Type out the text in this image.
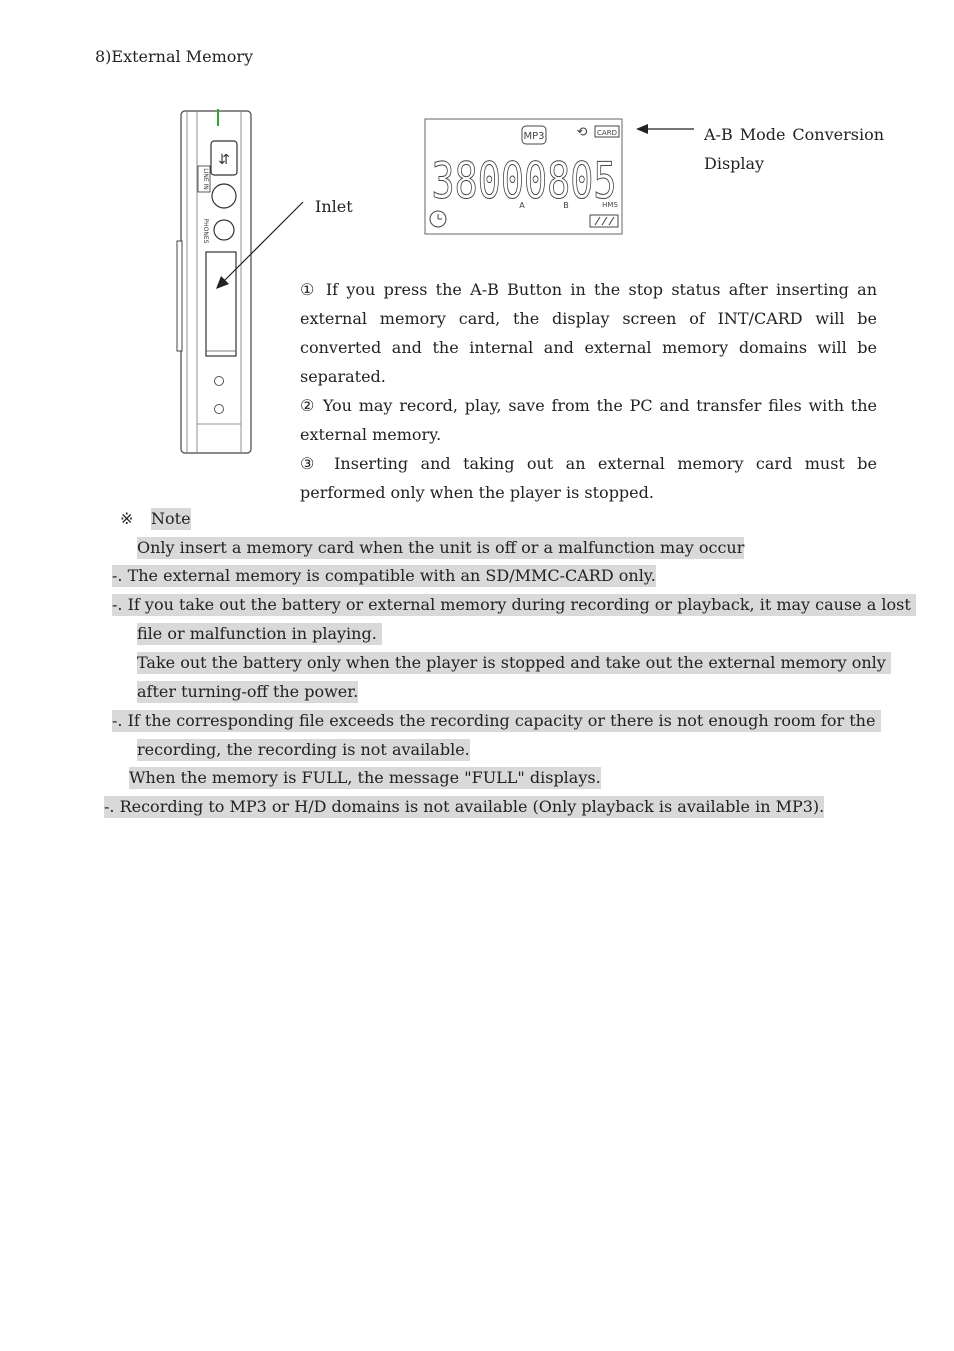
8)External Memory
⇵
LINE IN
PHONES
MP3 ⟲ CARD
38000805
A	B	HMS
Inlet
A-B Mode Conversion
Display

① If you press the A-B Button in the stop status after inserting an external memory card, the display screen of INT/CARD will be converted and the internal and external memory domains will be separated.

② You may record, play, save from the PC and transfer files with the external memory.

③ Inserting and taking out an external memory card must be performed only when the player is stopped.

※ Note
Only insert a memory card when the unit is off or a malfunction may occur
-. The external memory is compatible with an SD/MMC-CARD only.
-. If you take out the battery or external memory during recording or playback, it may cause a lost
file or malfunction in playing.
Take out the battery only when the player is stopped and take out the external memory only
after turning-off the power.
-. If the corresponding file exceeds the recording capacity or there is not enough room for the
recording, the recording is not available.
When the memory is FULL, the message "FULL" displays.
-. Recording to MP3 or H/D domains is not available (Only playback is available in MP3).
